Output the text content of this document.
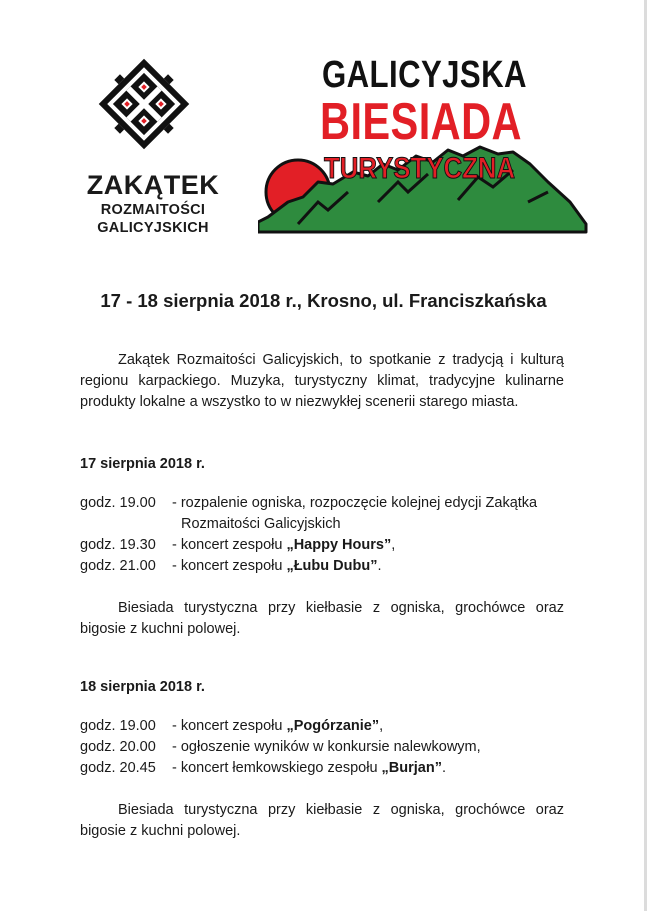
ZAKĄTEK
ROZMAITOŚCI
GALICYJSKICH
GALICYJSKA
BIESIADA
TURYSTYCZNA
17 - 18 sierpnia 2018 r., Krosno, ul. Franciszkańska
Zakątek Rozmaitości Galicyjskich, to spotkanie z tradycją i kulturą regionu karpackiego. Muzyka, turystyczny klimat, tradycyjne kulinarne produkty lokalne a wszystko to w niezwykłej scenerii starego miasta.
17 sierpnia 2018 r.
godz. 19.00	- rozpalenie ogniska, rozpoczęcie kolejnej edycji Zakątka
Rozmaitości Galicyjskich
godz. 19.30	- koncert zespołu „Happy Hours”,
godz. 21.00	- koncert zespołu „Łubu Dubu”.
Biesiada turystyczna przy kiełbasie z ogniska, grochówce oraz bigosie z kuchni polowej.
18 sierpnia 2018 r.
godz. 19.00	- koncert zespołu „Pogórzanie”,
godz. 20.00	- ogłoszenie wyników w konkursie nalewkowym,
godz. 20.45	- koncert łemkowskiego zespołu „Burjan”.
Biesiada turystyczna przy kiełbasie z ogniska, grochówce oraz bigosie z kuchni polowej.
